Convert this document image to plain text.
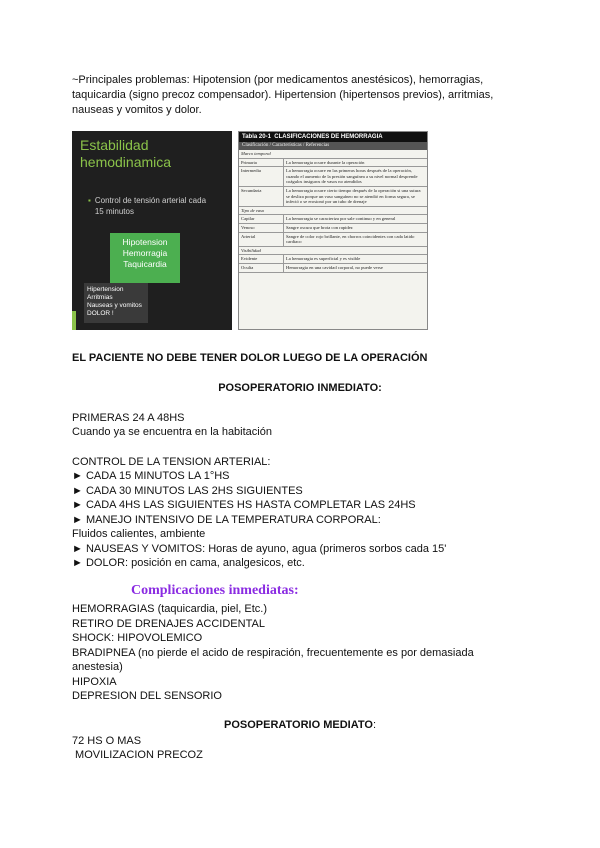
~Principales problemas: Hipotension (por medicamentos anestésicos), hemorragias,
taquicardia (signo precoz compensador). Hipertension (hipertensos previos), arritmias,
nauseas y vomitos y dolor.
Estabilidad hemodinamica
▪ Control de tensión arterial cada 15 minutos
Hipotension
Hemorragia
Taquicardia
Hipertension
Arritmias
Nauseas y vomitos
DOLOR !
Tabla 20-1 CLASIFICACIONES DE HEMORRAGIA
Clasificación / Características / Referencias
Marco temporal
Primaria	La hemorragia ocurre durante la operación
Intermedia	La hemorragia ocurre en las primeras horas después de la operación, cuando el aumento de la presión sanguínea a su nivel normal desprende coágulos insiguros de vasos no atendidos
Secundaria	La hemorragia ocurre cierto tiempo después de la operación si una sutura se desliza porque un vaso sanguíneo no se atendió en forma segura, se infectó o se erosionó por un tubo de drenaje
Tipo de vaso
Capilar	La hemorragia se caracteriza por sale continuo y en general
Venoso	Sangre oscura que brota con rapidez
Arterial	Sangre de color rojo brillante, en chorros coincidentes con cada latido cardiaco
Visibilidad
Evidente	La hemorragia es superficial y es visible
Oculta	Hemorragia en una cavidad corporal, no puede verse
EL PACIENTE NO DEBE TENER DOLOR LUEGO DE LA OPERACIÓN
POSOPERATORIO INMEDIATO:
PRIMERAS 24 A 48HS
Cuando ya se encuentra en la habitación
CONTROL DE LA TENSION ARTERIAL:
► CADA 15 MINUTOS LA 1°HS
► CADA 30 MINUTOS LAS 2HS SIGUIENTES
► CADA 4HS LAS SIGUIENTES HS HASTA COMPLETAR LAS 24HS
► MANEJO INTENSIVO DE LA TEMPERATURA CORPORAL:
Fluidos calientes, ambiente
► NAUSEAS Y VOMITOS: Horas de ayuno, agua (primeros sorbos cada 15'
► DOLOR: posición en cama, analgesicos, etc.
Complicaciones inmediatas:
HEMORRAGIAS (taquicardia, piel, Etc.)
RETIRO DE DRENAJES ACCIDENTAL
SHOCK: HIPOVOLEMICO
BRADIPNEA (no pierde el acido de respiración, frecuentemente es por demasiada
anestesia)
HIPOXIA
DEPRESION DEL SENSORIO
POSOPERATORIO MEDIATO:
72 HS O MAS
MOVILIZACION PRECOZ
